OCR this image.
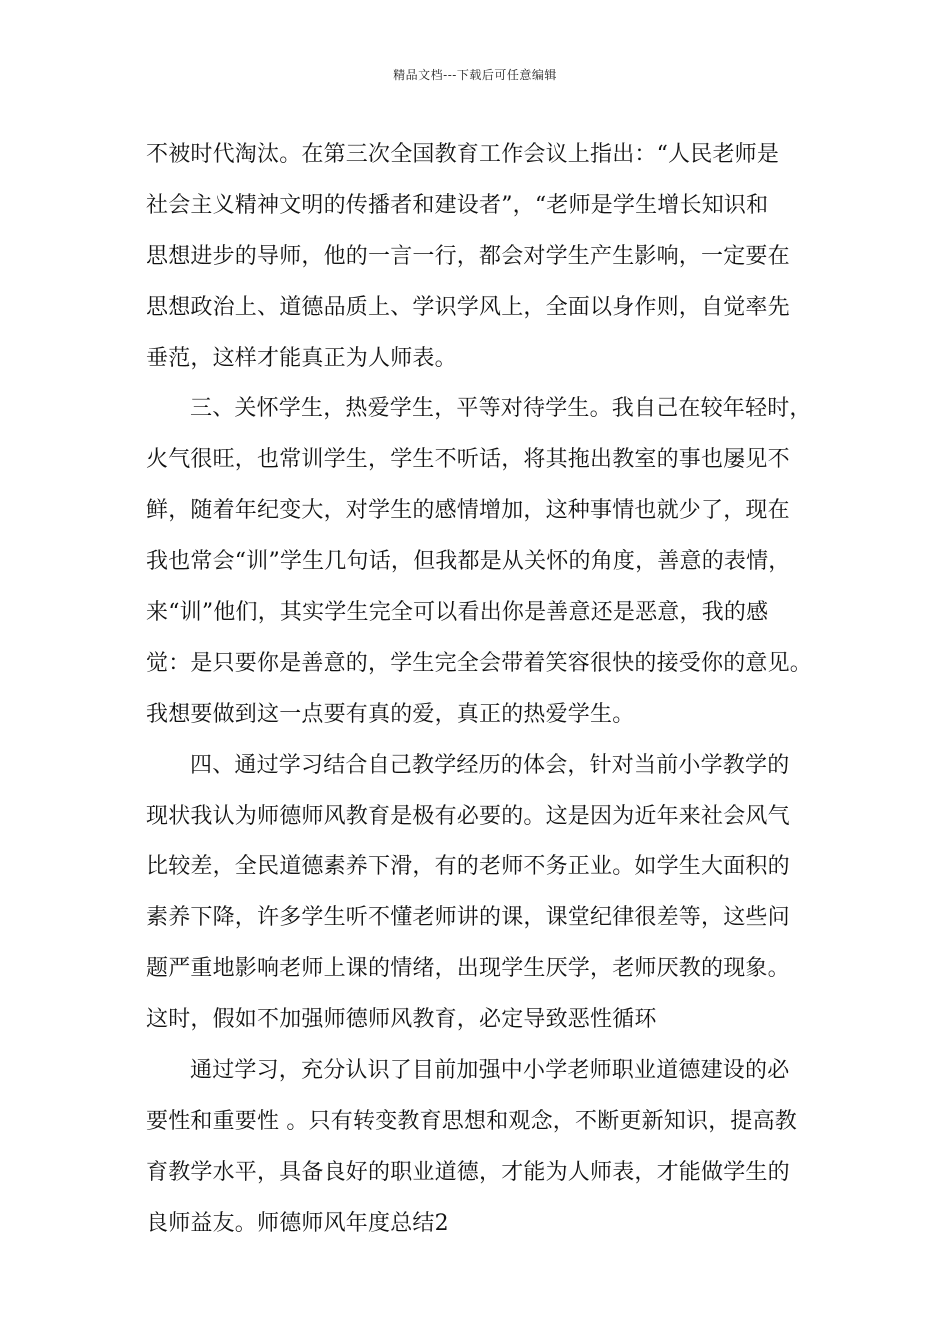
精品文档---下载后可任意编辑
不被时代淘汰。在第三次全国教育工作会议上指出：“人民老师是
社会主义精神文明的传播者和建设者”，“老师是学生增长知识和
思想进步的导师，他的一言一行，都会对学生产生影响，一定要在
思想政治上、道德品质上、学识学风上，全面以身作则，自觉率先
垂范，这样才能真正为人师表。
三、关怀学生，热爱学生，平等对待学生。我自己在较年轻时，
火气很旺，也常训学生，学生不听话，将其拖出教室的事也屡见不
鲜，随着年纪变大，对学生的感情增加，这种事情也就少了，现在
我也常会“训”学生几句话，但我都是从关怀的角度，善意的表情，
来“训”他们，其实学生完全可以看出你是善意还是恶意，我的感
觉：是只要你是善意的，学生完全会带着笑容很快的接受你的意见。
我想要做到这一点要有真的爱，真正的热爱学生。
四、通过学习结合自己教学经历的体会，针对当前小学教学的
现状我认为师德师风教育是极有必要的。这是因为近年来社会风气
比较差，全民道德素养下滑，有的老师不务正业。如学生大面积的
素养下降，许多学生听不懂老师讲的课，课堂纪律很差等，这些问
题严重地影响老师上课的情绪，出现学生厌学，老师厌教的现象。
这时，假如不加强师德师风教育，必定导致恶性循环
通过学习，充分认识了目前加强中小学老师职业道德建设的必
要性和重要性 。只有转变教育思想和观念，不断更新知识，提高教
育教学水平，具备良好的职业道德，才能为人师表，才能做学生的
良师益友。师德师风年度总结2
